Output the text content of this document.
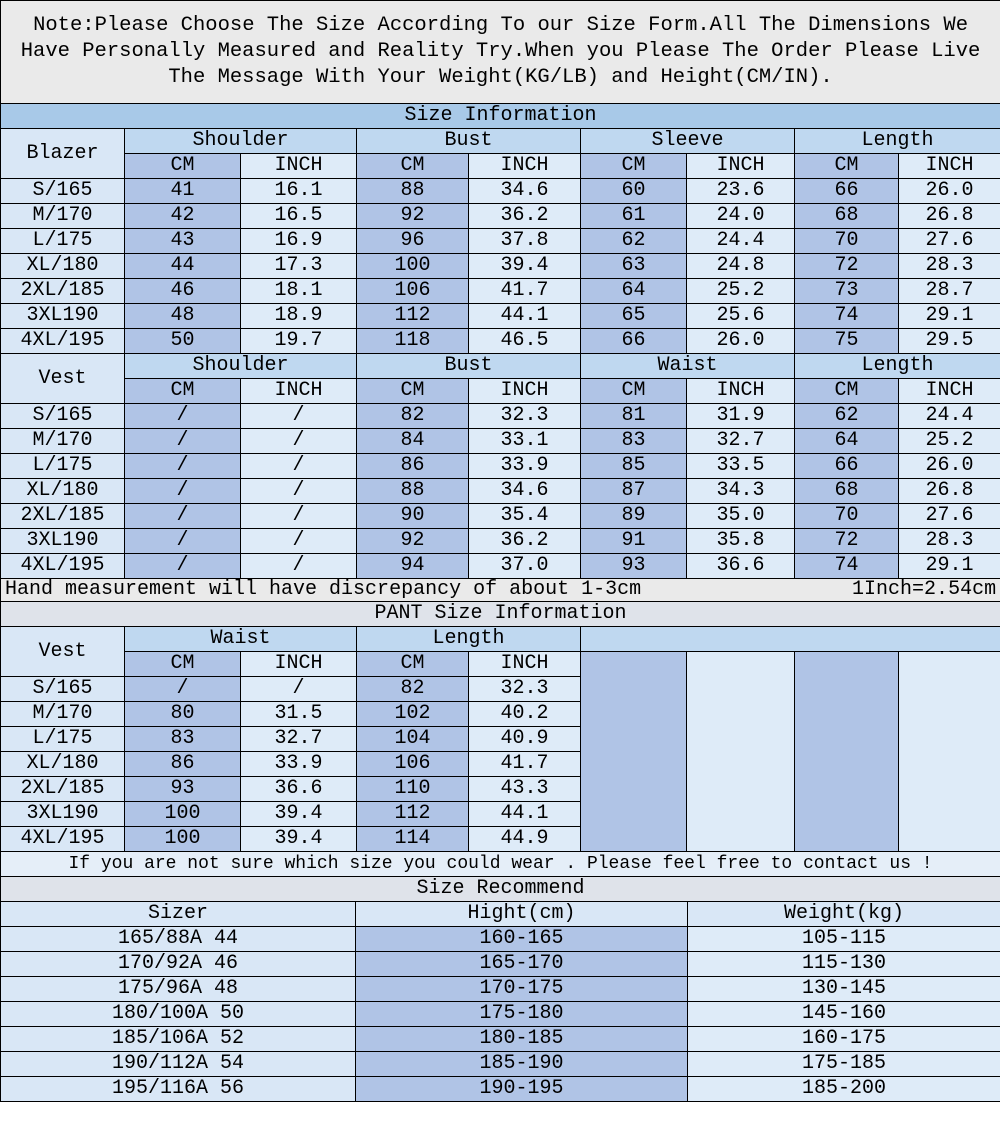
Note:Please Choose The Size According To our Size Form.All The Dimensions We Have Personally Measured and Reality Try.When you Please The Order Please Live The Message With Your Weight(KG/LB) and Height(CM/IN).								
Size Information								
Blazer	Shoulder		Bust		Sleeve		Length	
	CM	INCH	CM	INCH	CM	INCH	CM	INCH
S/165	41	16.1	88	34.6	60	23.6	66	26.0
M/170	42	16.5	92	36.2	61	24.0	68	26.8
L/175	43	16.9	96	37.8	62	24.4	70	27.6
XL/180	44	17.3	100	39.4	63	24.8	72	28.3
2XL/185	46	18.1	106	41.7	64	25.2	73	28.7
3XL190	48	18.9	112	44.1	65	25.6	74	29.1
4XL/195	50	19.7	118	46.5	66	26.0	75	29.5
Vest	Shoulder		Bust		Waist		Length	
	CM	INCH	CM	INCH	CM	INCH	CM	INCH
S/165	/	/	82	32.3	81	31.9	62	24.4
M/170	/	/	84	33.1	83	32.7	64	25.2
L/175	/	/	86	33.9	85	33.5	66	26.0
XL/180	/	/	88	34.6	87	34.3	68	26.8
2XL/185	/	/	90	35.4	89	35.0	70	27.6
3XL190	/	/	92	36.2	91	35.8	72	28.3
4XL/195	/	/	94	37.0	93	36.6	74	29.1
Hand measurement will have discrepancy of about 1-3cm 1Inch=2.54cm								

PANT Size Information								
Vest	Waist		Length					
	CM	INCH	CM	INCH				
S/165	/	/	82	32.3				
M/170	80	31.5	102	40.2				
L/175	83	32.7	104	40.9				
XL/180	86	33.9	106	41.7				
2XL/185	93	36.6	110	43.3				
3XL190	100	39.4	112	44.1				
4XL/195	100	39.4	114	44.9				
If you are not sure which size you could wear . Please feel free to contact us !								
Size Recommend								
Sizer	Hight(cm)	Weight(kg)
165/88A 44	160-165	105-115
170/92A 46	165-170	115-130
175/96A 48	170-175	130-145
180/100A 50	175-180	145-160
185/106A 52	180-185	160-175
190/112A 54	185-190	175-185
195/116A 56	190-195	185-200
